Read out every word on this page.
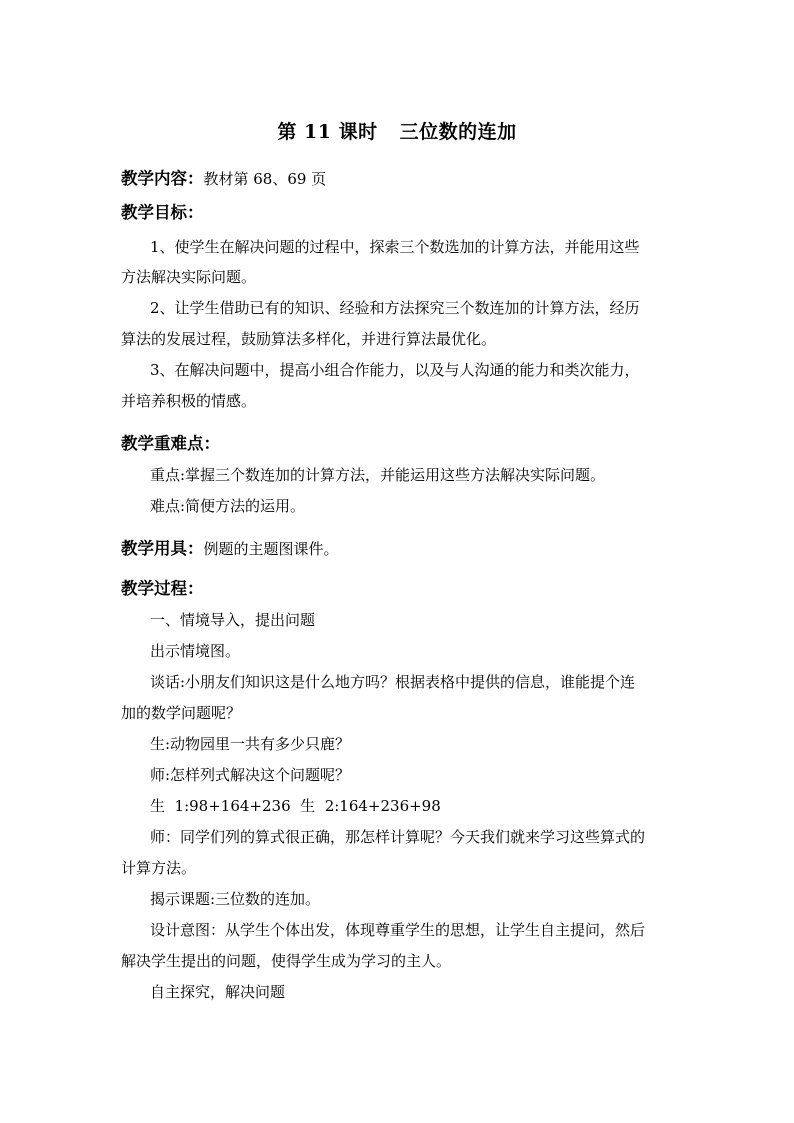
第 11 课时 三位数的连加
教学内容：教材第 68、69 页
教学目标：
1、使学生在解决问题的过程中，探索三个数选加的计算方法，并能用这些
方法解决实际问题。
2、让学生借助已有的知识、经验和方法探究三个数连加的计算方法，经历
算法的发展过程，鼓励算法多样化，并进行算法最优化。
3、在解决问题中，提高小组合作能力，以及与人沟通的能力和类次能力，
并培养积极的情感。
教学重难点：
重点:掌握三个数连加的计算方法，并能运用这些方法解决实际问题。
难点:简便方法的运用。
教学用具：例题的主题图课件。
教学过程：
一、情境导入，提出问题
出示情境图。
谈话:小朋友们知识这是什么地方吗？根据表格中提供的信息，谁能提个连
加的数学问题呢？
生:动物园里一共有多少只鹿？
师:怎样列式解决这个问题呢？
生  1:98+164+236  生  2:164+236+98
师：同学们列的算式很正确，那怎样计算呢？今天我们就来学习这些算式的
计算方法。
揭示课题:三位数的连加。
设计意图：从学生个体出发，体现尊重学生的思想，让学生自主提问，然后
解决学生提出的问题，使得学生成为学习的主人。
自主探究，解决问题
